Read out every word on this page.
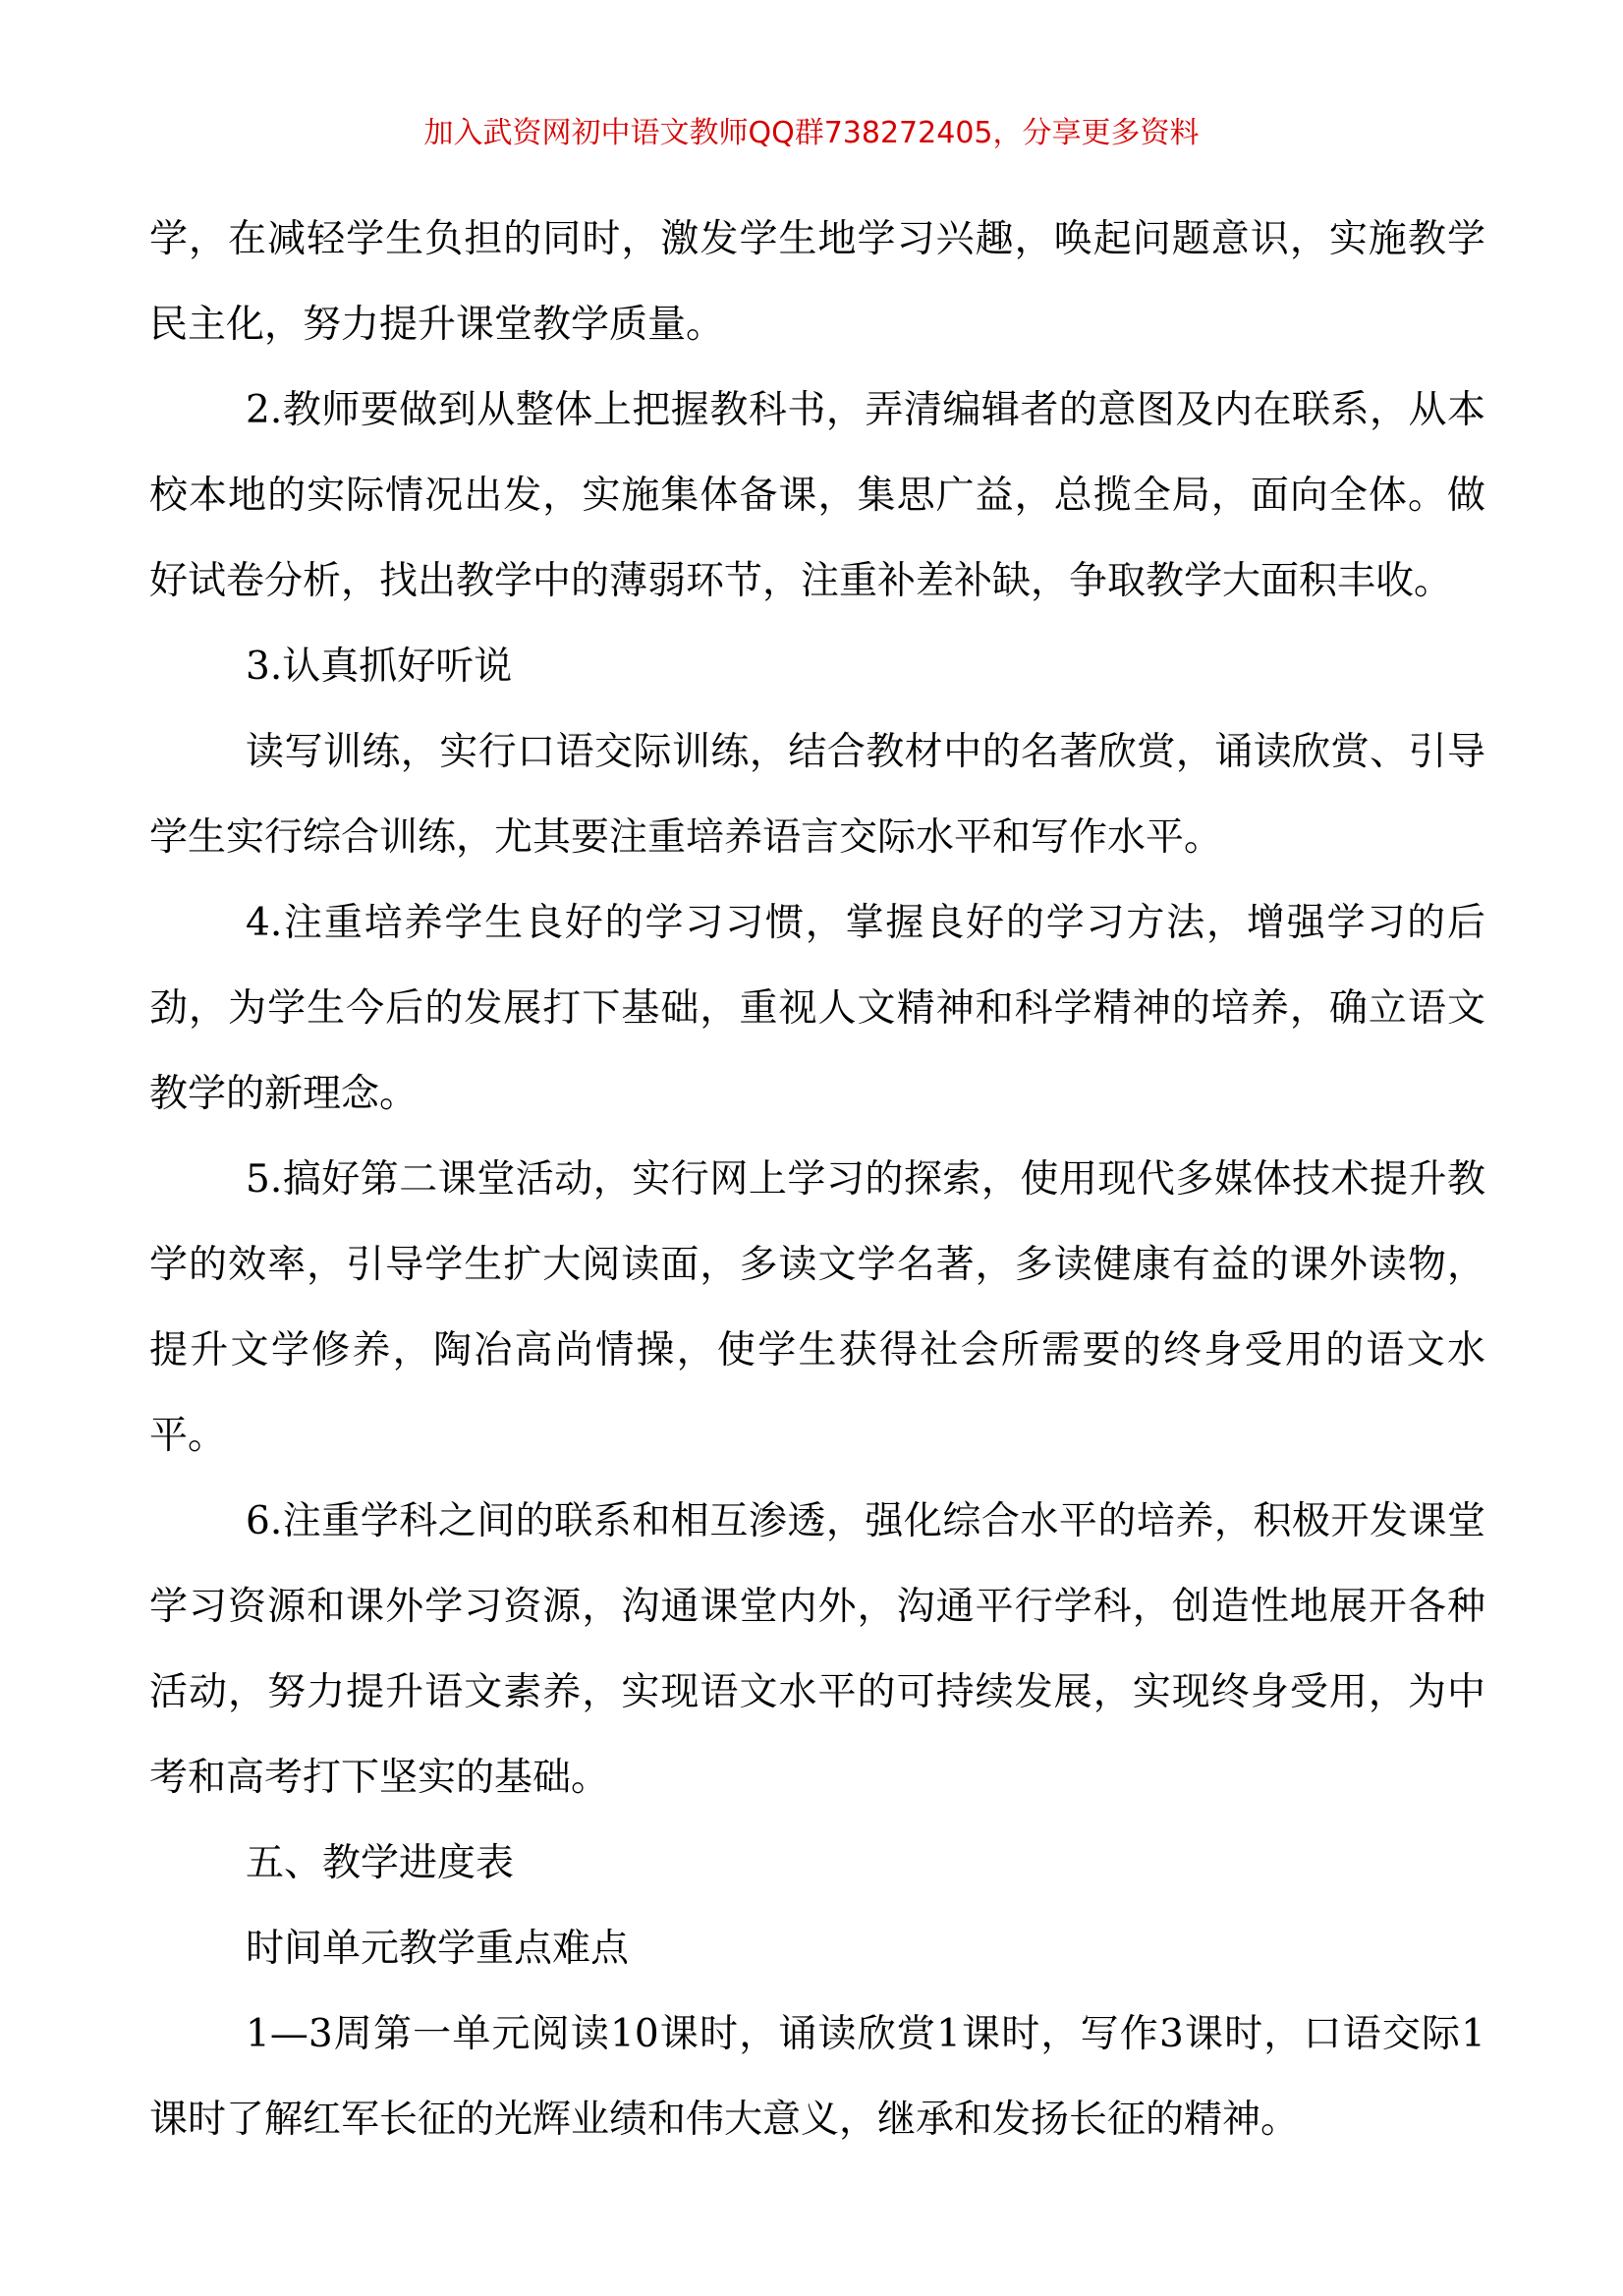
加入武资网初中语文教师QQ群738272405，分享更多资料

学，在减轻学生负担的同时，激发学生地学习兴趣，唤起问题意识，实施教学民主化，努力提升课堂教学质量。

2.教师要做到从整体上把握教科书，弄清编辑者的意图及内在联系，从本校本地的实际情况出发，实施集体备课，集思广益，总揽全局，面向全体。做好试卷分析，找出教学中的薄弱环节，注重补差补缺，争取教学大面积丰收。

3.认真抓好听说

读写训练，实行口语交际训练，结合教材中的名著欣赏，诵读欣赏、引导学生实行综合训练，尤其要注重培养语言交际水平和写作水平。

4.注重培养学生良好的学习习惯，掌握良好的学习方法，增强学习的后劲，为学生今后的发展打下基础，重视人文精神和科学精神的培养，确立语文教学的新理念。

5.搞好第二课堂活动，实行网上学习的探索，使用现代多媒体技术提升教学的效率，引导学生扩大阅读面，多读文学名著，多读健康有益的课外读物，提升文学修养，陶冶高尚情操，使学生获得社会所需要的终身受用的语文水平。

6.注重学科之间的联系和相互渗透，强化综合水平的培养，积极开发课堂学习资源和课外学习资源，沟通课堂内外，沟通平行学科，创造性地展开各种活动，努力提升语文素养，实现语文水平的可持续发展，实现终身受用，为中考和高考打下坚实的基础。

五、教学进度表

时间单元教学重点难点

1—3周第一单元阅读10课时，诵读欣赏1课时，写作3课时，口语交际1课时了解红军长征的光辉业绩和伟大意义，继承和发扬长征的精神。
